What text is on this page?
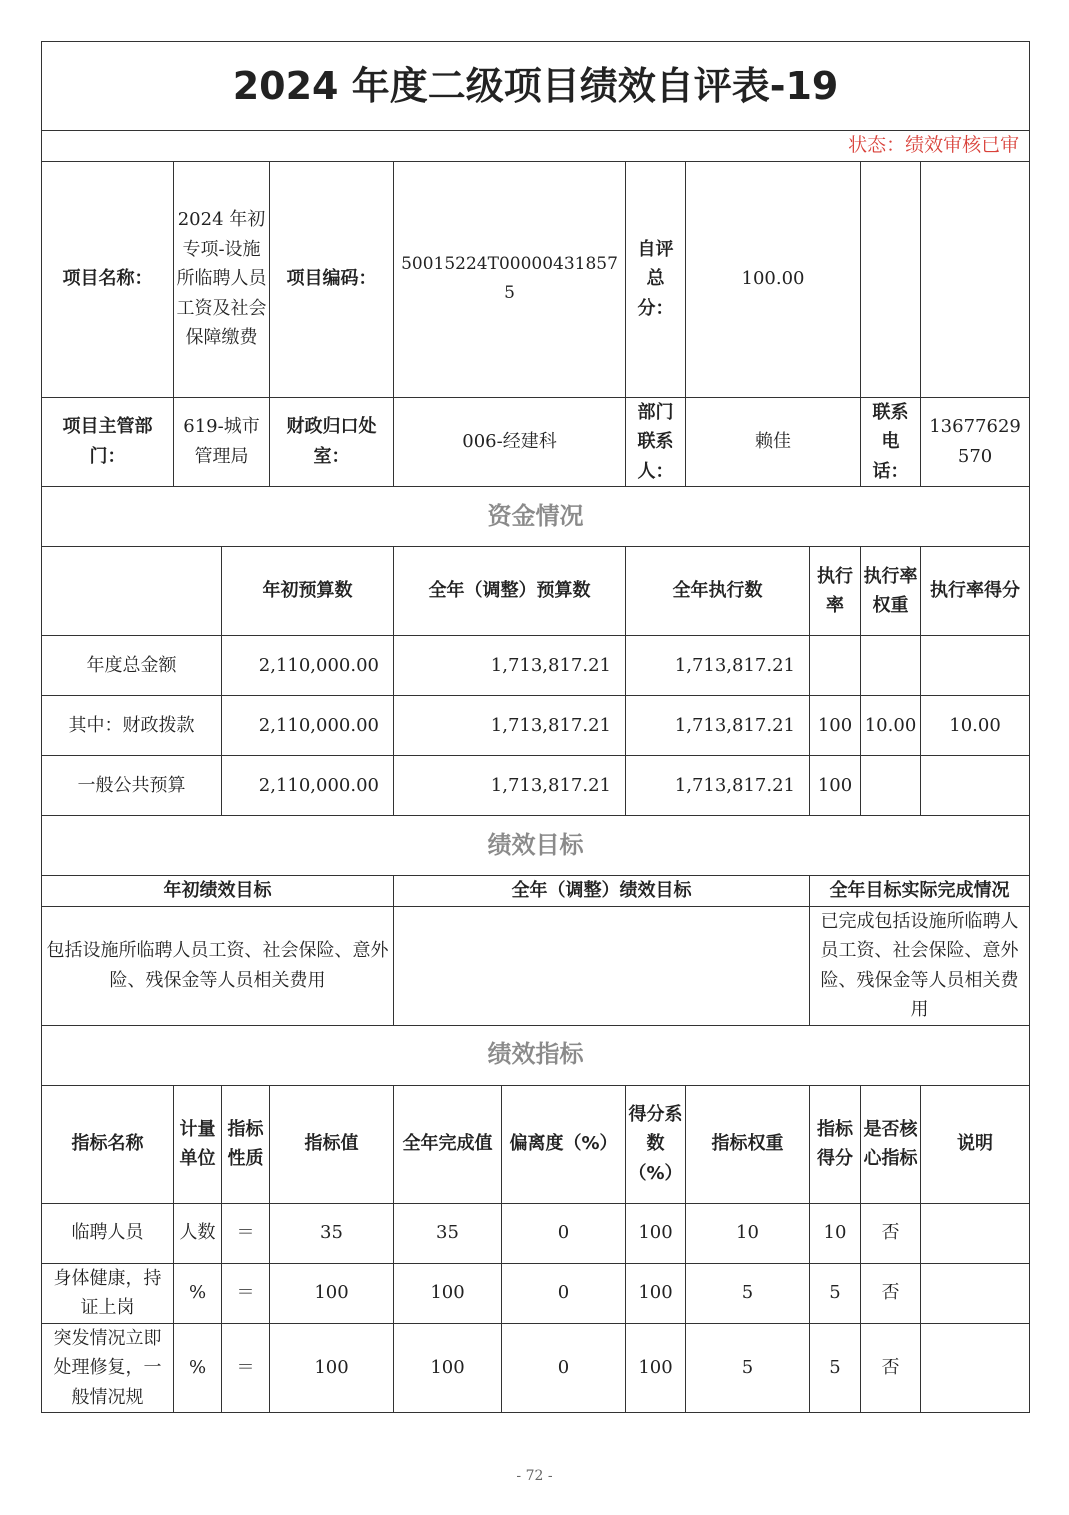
2024 年度二级项目绩效自评表-19										
状态：绩效审核已审										
项目名称：	2024 年初专项-设施所临聘人员工资及社会保障缴费		项目编码：	50015224T000004318575		自评总分：	100.00			
项目主管部门：	619-城市管理局		财政归口处室：	006-经建科		部门联系人：	赖佳		联系电话：	13677629570
资金情况										
		年初预算数		全年（调整）预算数		全年执行数		执行率	执行率权重	执行率得分
年度总金额		2,110,000.00		1,713,817.21		1,713,817.21				
其中：财政拨款		2,110,000.00		1,713,817.21		1,713,817.21		100	10.00	10.00
一般公共预算		2,110,000.00		1,713,817.21		1,713,817.21		100		
绩效目标										
年初绩效目标				全年（调整）绩效目标				全年目标实际完成情况		
包括设施所临聘人员工资、社会保险、意外险、残保金等人员相关费用								已完成包括设施所临聘人员工资、社会保险、意外险、残保金等人员相关费用		
绩效指标										
指标名称	计量单位	指标性质	指标值	全年完成值	偏离度（%）	得分系数（%）	指标权重	指标得分	是否核心指标	说明
临聘人员	人数	＝	35	35	0	100	10	10	否	
身体健康，持证上岗	%	＝	100	100	0	100	5	5	否	
突发情况立即处理修复，一般情况规	%	＝	100	100	0	100	5	5	否	
- 72 -
